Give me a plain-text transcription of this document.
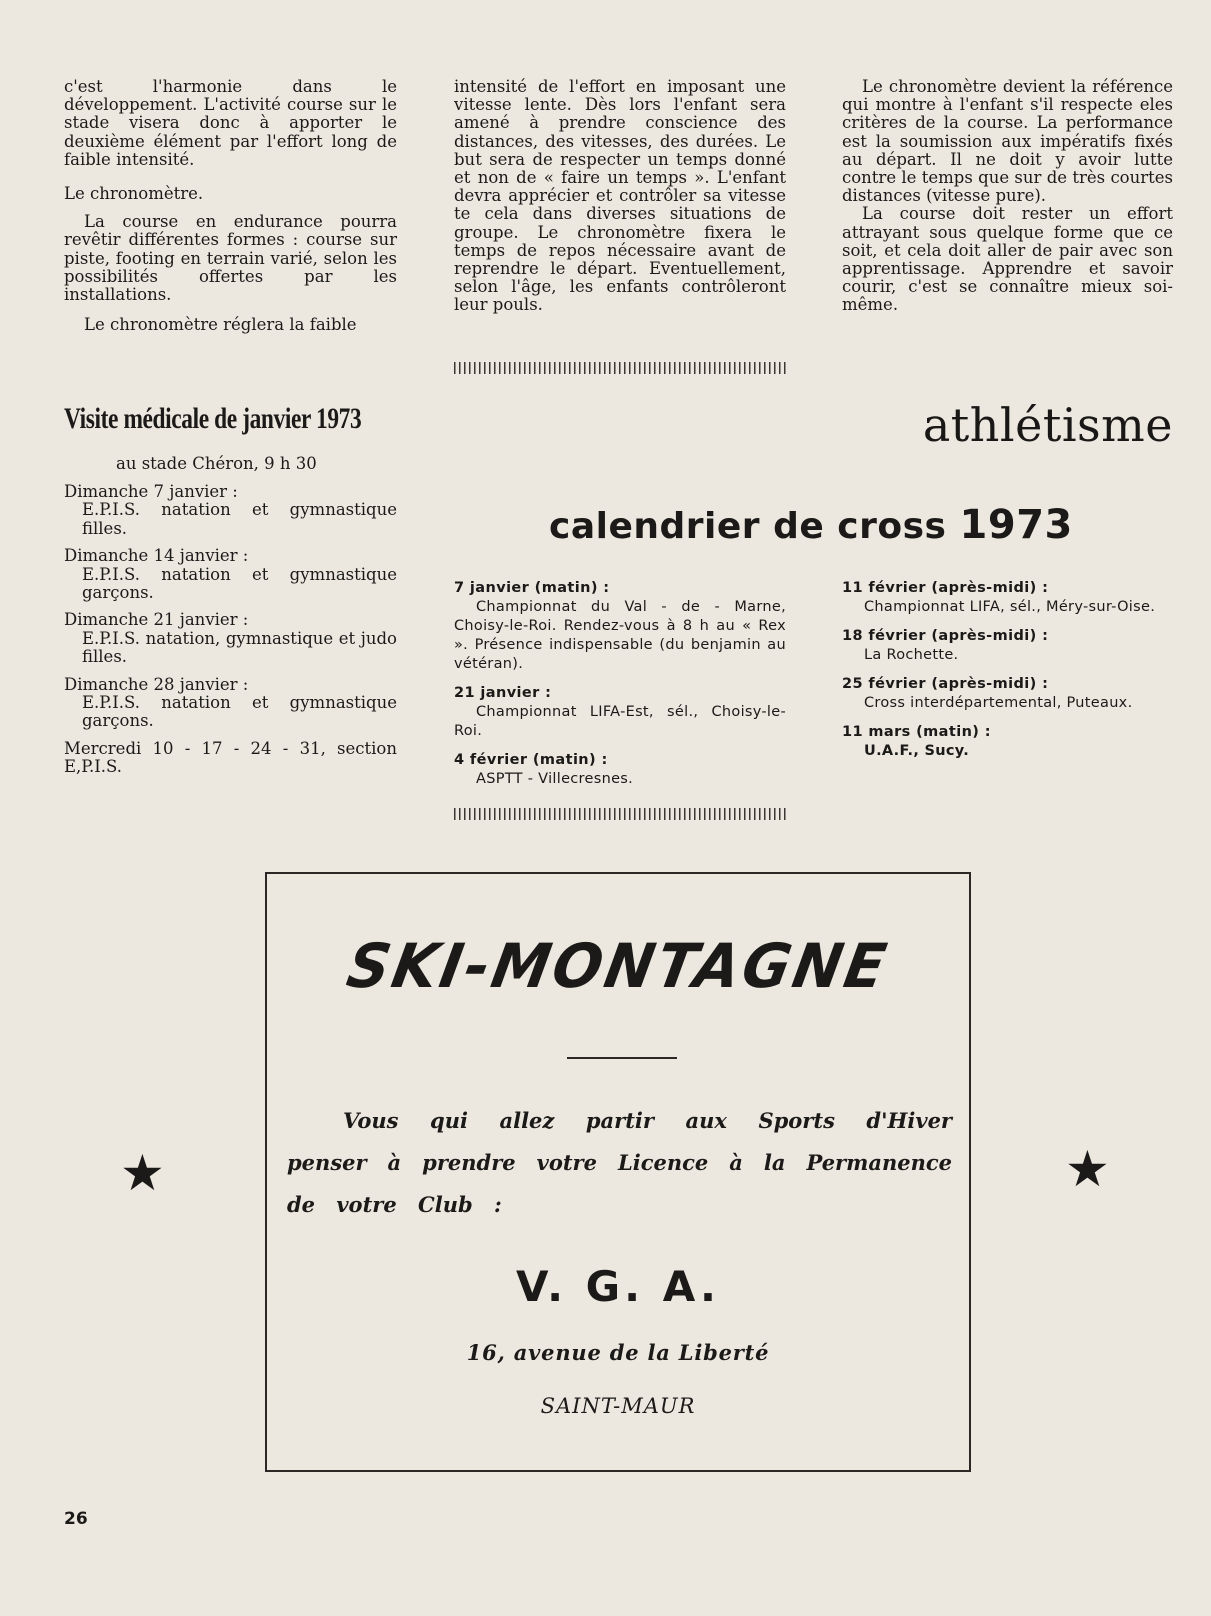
c'est l'harmonie dans le développement. L'activité course sur le stade visera donc à apporter le deuxième élément par l'effort long de faible intensité.

Le chronomètre.

La course en endurance pourra revêtir différentes formes : course sur piste, footing en terrain varié, selon les possibilités offertes par les installations.

Le chronomètre réglera la faible

intensité de l'effort en imposant une vitesse lente. Dès lors l'enfant sera amené à prendre conscience des distances, des vitesses, des durées. Le but sera de respecter un temps donné et non de « faire un temps ». L'enfant devra apprécier et contrôler sa vitesse te cela dans diverses situations de groupe. Le chronomètre fixera le temps de repos nécessaire avant de reprendre le départ. Eventuellement, selon l'âge, les enfants contrôleront leur pouls.

Le chronomètre devient la référence qui montre à l'enfant s'il respecte eles critères de la course. La performance est la soumission aux impératifs fixés au départ. Il ne doit y avoir lutte contre le temps que sur de très courtes distances (vitesse pure).

La course doit rester un effort attrayant sous quelque forme que ce soit, et cela doit aller de pair avec son apprentissage. Apprendre et savoir courir, c'est se connaître mieux soi-même.

Visite médicale de janvier 1973
au stade Chéron, 9 h 30
Dimanche 7 janvier :
E.P.I.S. natation et gymnastique filles.
Dimanche 14 janvier :
E.P.I.S. natation et gymnastique garçons.
Dimanche 21 janvier :
E.P.I.S. natation, gymnastique et judo filles.
Dimanche 28 janvier :
E.P.I.S. natation et gymnastique garçons.
Mercredi 10 - 17 - 24 - 31, section E,P.I.S.
athlétisme
calendrier de cross 1973
7 janvier (matin) :
Championnat du Val - de - Marne, Choisy-le-Roi. Rendez-vous à 8 h au « Rex ». Présence indispensable (du benjamin au vétéran).
21 janvier :
Championnat LIFA-Est, sél., Choisy-le-Roi.
4 février (matin) :
ASPTT - Villecresnes.
11 février (après-midi) :
Championnat LIFA, sél., Méry-sur-Oise.
18 février (après-midi) :
La Rochette.
25 février (après-midi) :
Cross interdépartemental, Puteaux.
11 mars (matin) :
U.A.F., Sucy.
★	★
SKI-MONTAGNE
Vous qui allez partir aux Sports d'Hiver
penser à prendre votre Licence à la Permanence
de votre Club :
V. G. A.
16, avenue de la Liberté
SAINT-MAUR
26
